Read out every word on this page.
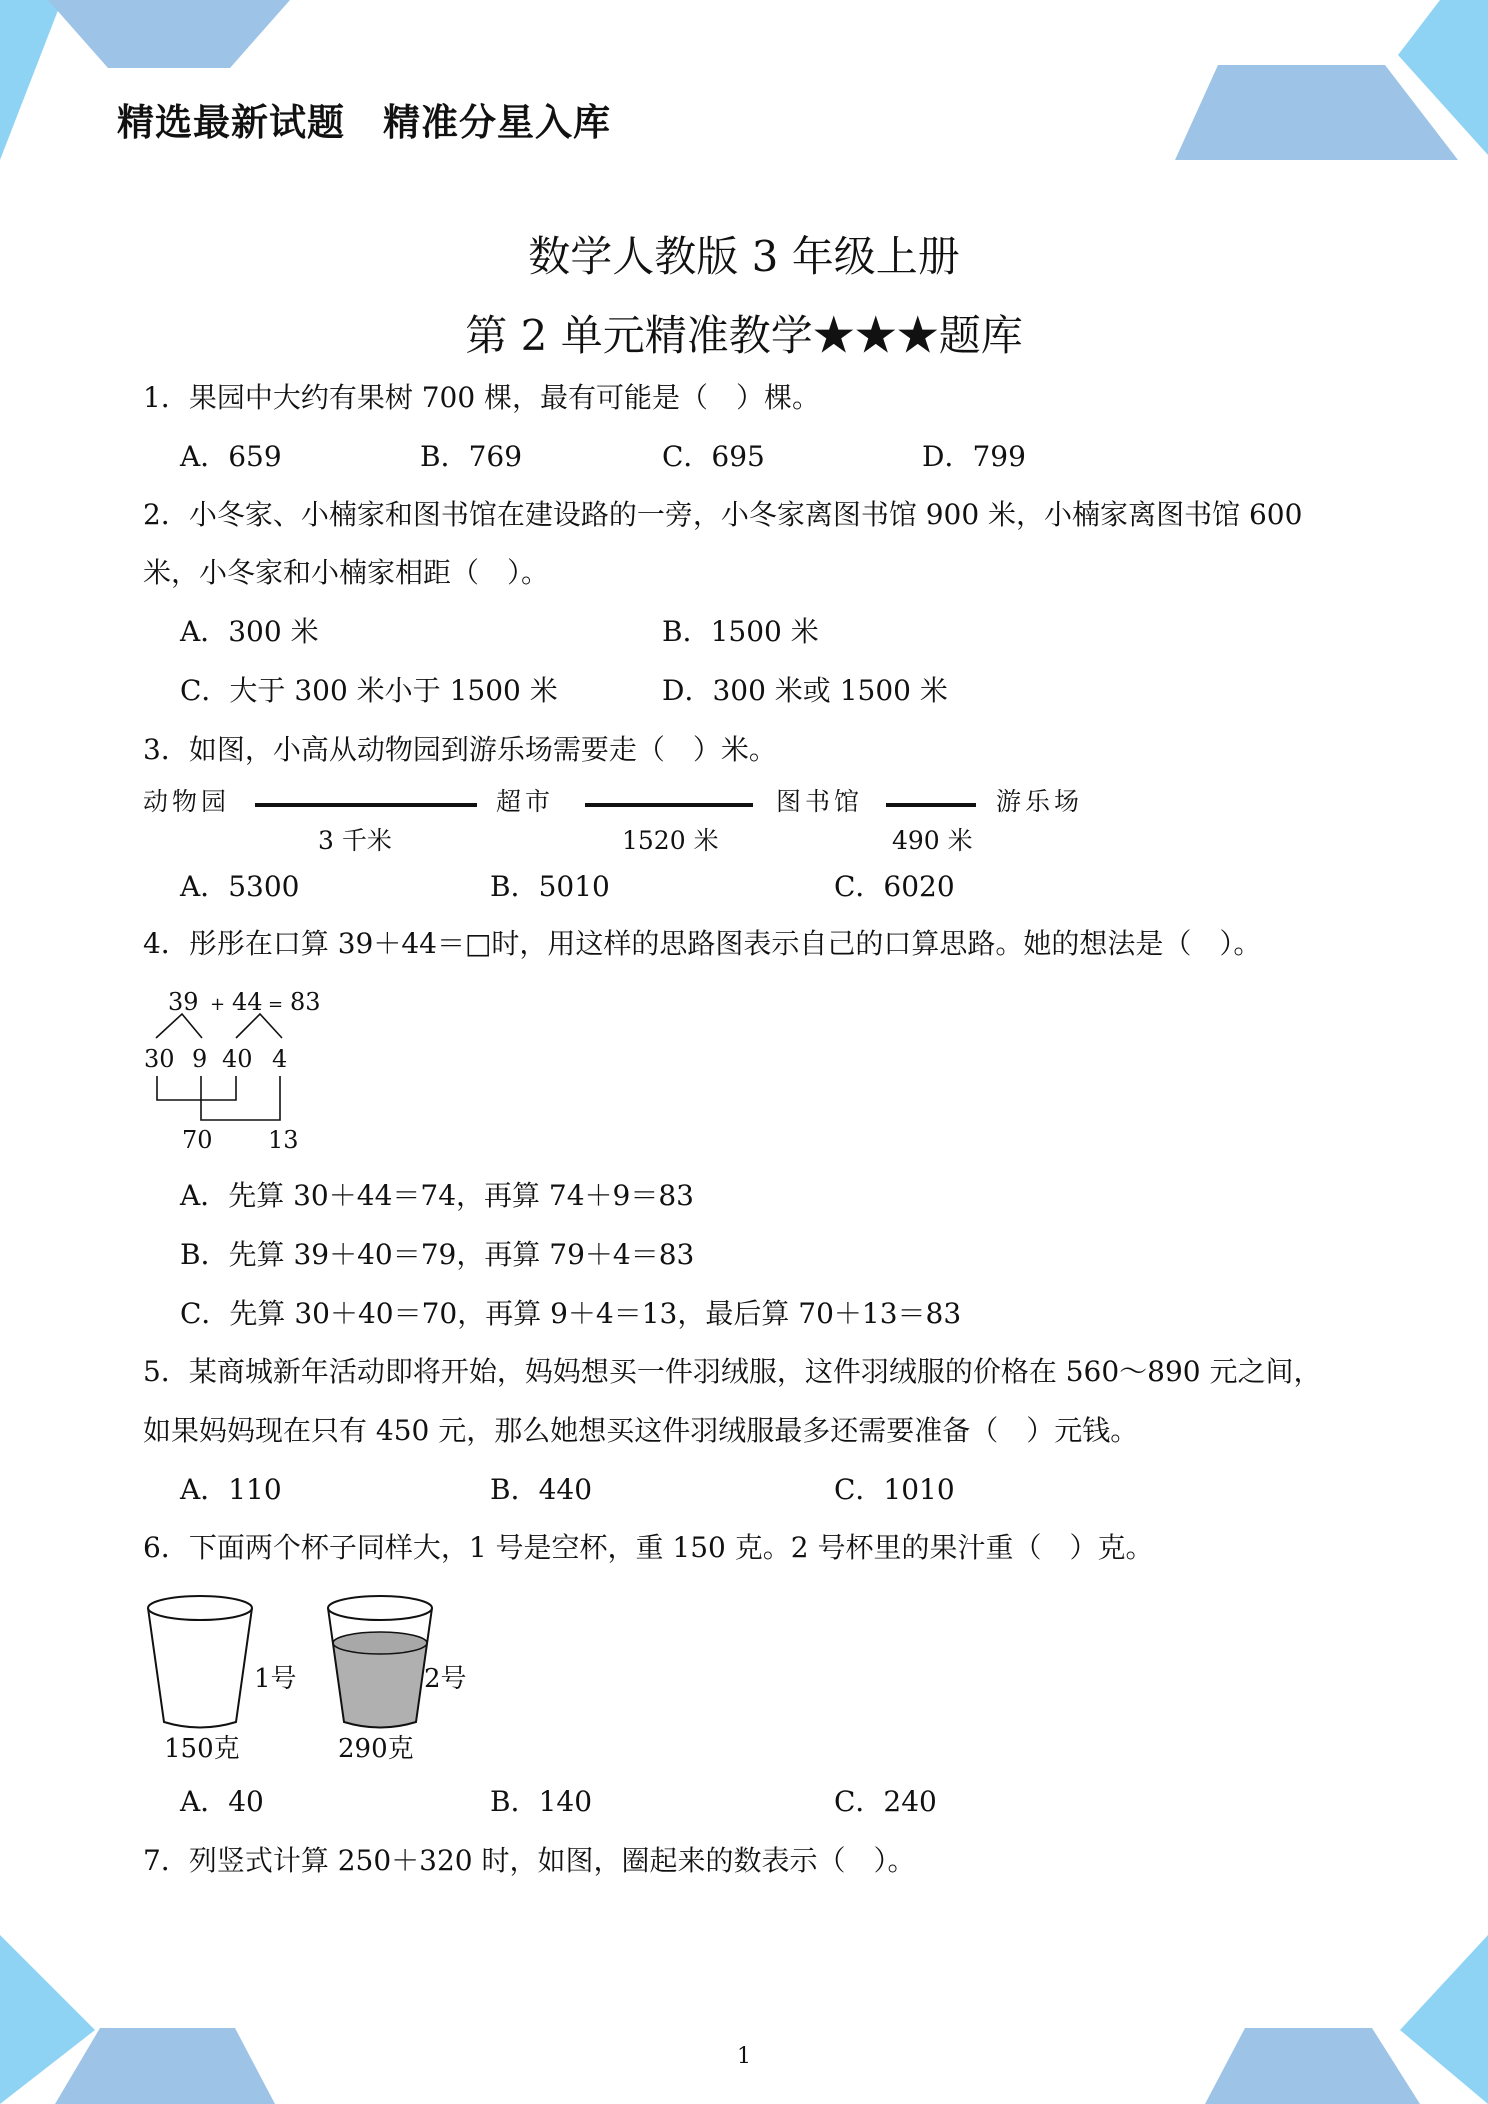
精选最新试题　精准分星入库
数学人教版 3 年级上册
第 2 单元精准教学★★★题库
1．果园中大约有果树 700 棵，最有可能是（　）棵。
A．659	B．769	C．695	D．799
2．小冬家、小楠家和图书馆在建设路的一旁，小冬家离图书馆 900 米，小楠家离图书馆 600
米，小冬家和小楠家相距（　）。
A．300 米	B．1500 米
C．大于 300 米小于 1500 米	D．300 米或 1500 米
3．如图，小高从动物园到游乐场需要走（　）米。
动物园	超市	图书馆	游乐场
3 千米	1520 米	490 米
A．5300	B．5010	C．6020
4．彤彤在口算 39＋44＝□时，用这样的思路图表示自己的口算思路。她的想法是（　）。
39 + 44 = 83
30 9 40 4
70 13
A．先算 30＋44＝74，再算 74＋9＝83
B．先算 39＋40＝79，再算 79＋4＝83
C．先算 30＋40＝70，再算 9＋4＝13，最后算 70＋13＝83
5．某商城新年活动即将开始，妈妈想买一件羽绒服，这件羽绒服的价格在 560～890 元之间，
如果妈妈现在只有 450 元，那么她想买这件羽绒服最多还需要准备（　）元钱。
A．110	B．440	C．1010
6．下面两个杯子同样大，1 号是空杯，重 150 克。2 号杯里的果汁重（　）克。
1号	2号
150克	290克
A．40	B．140	C．240
7．列竖式计算 250＋320 时，如图，圈起来的数表示（　）。
1
